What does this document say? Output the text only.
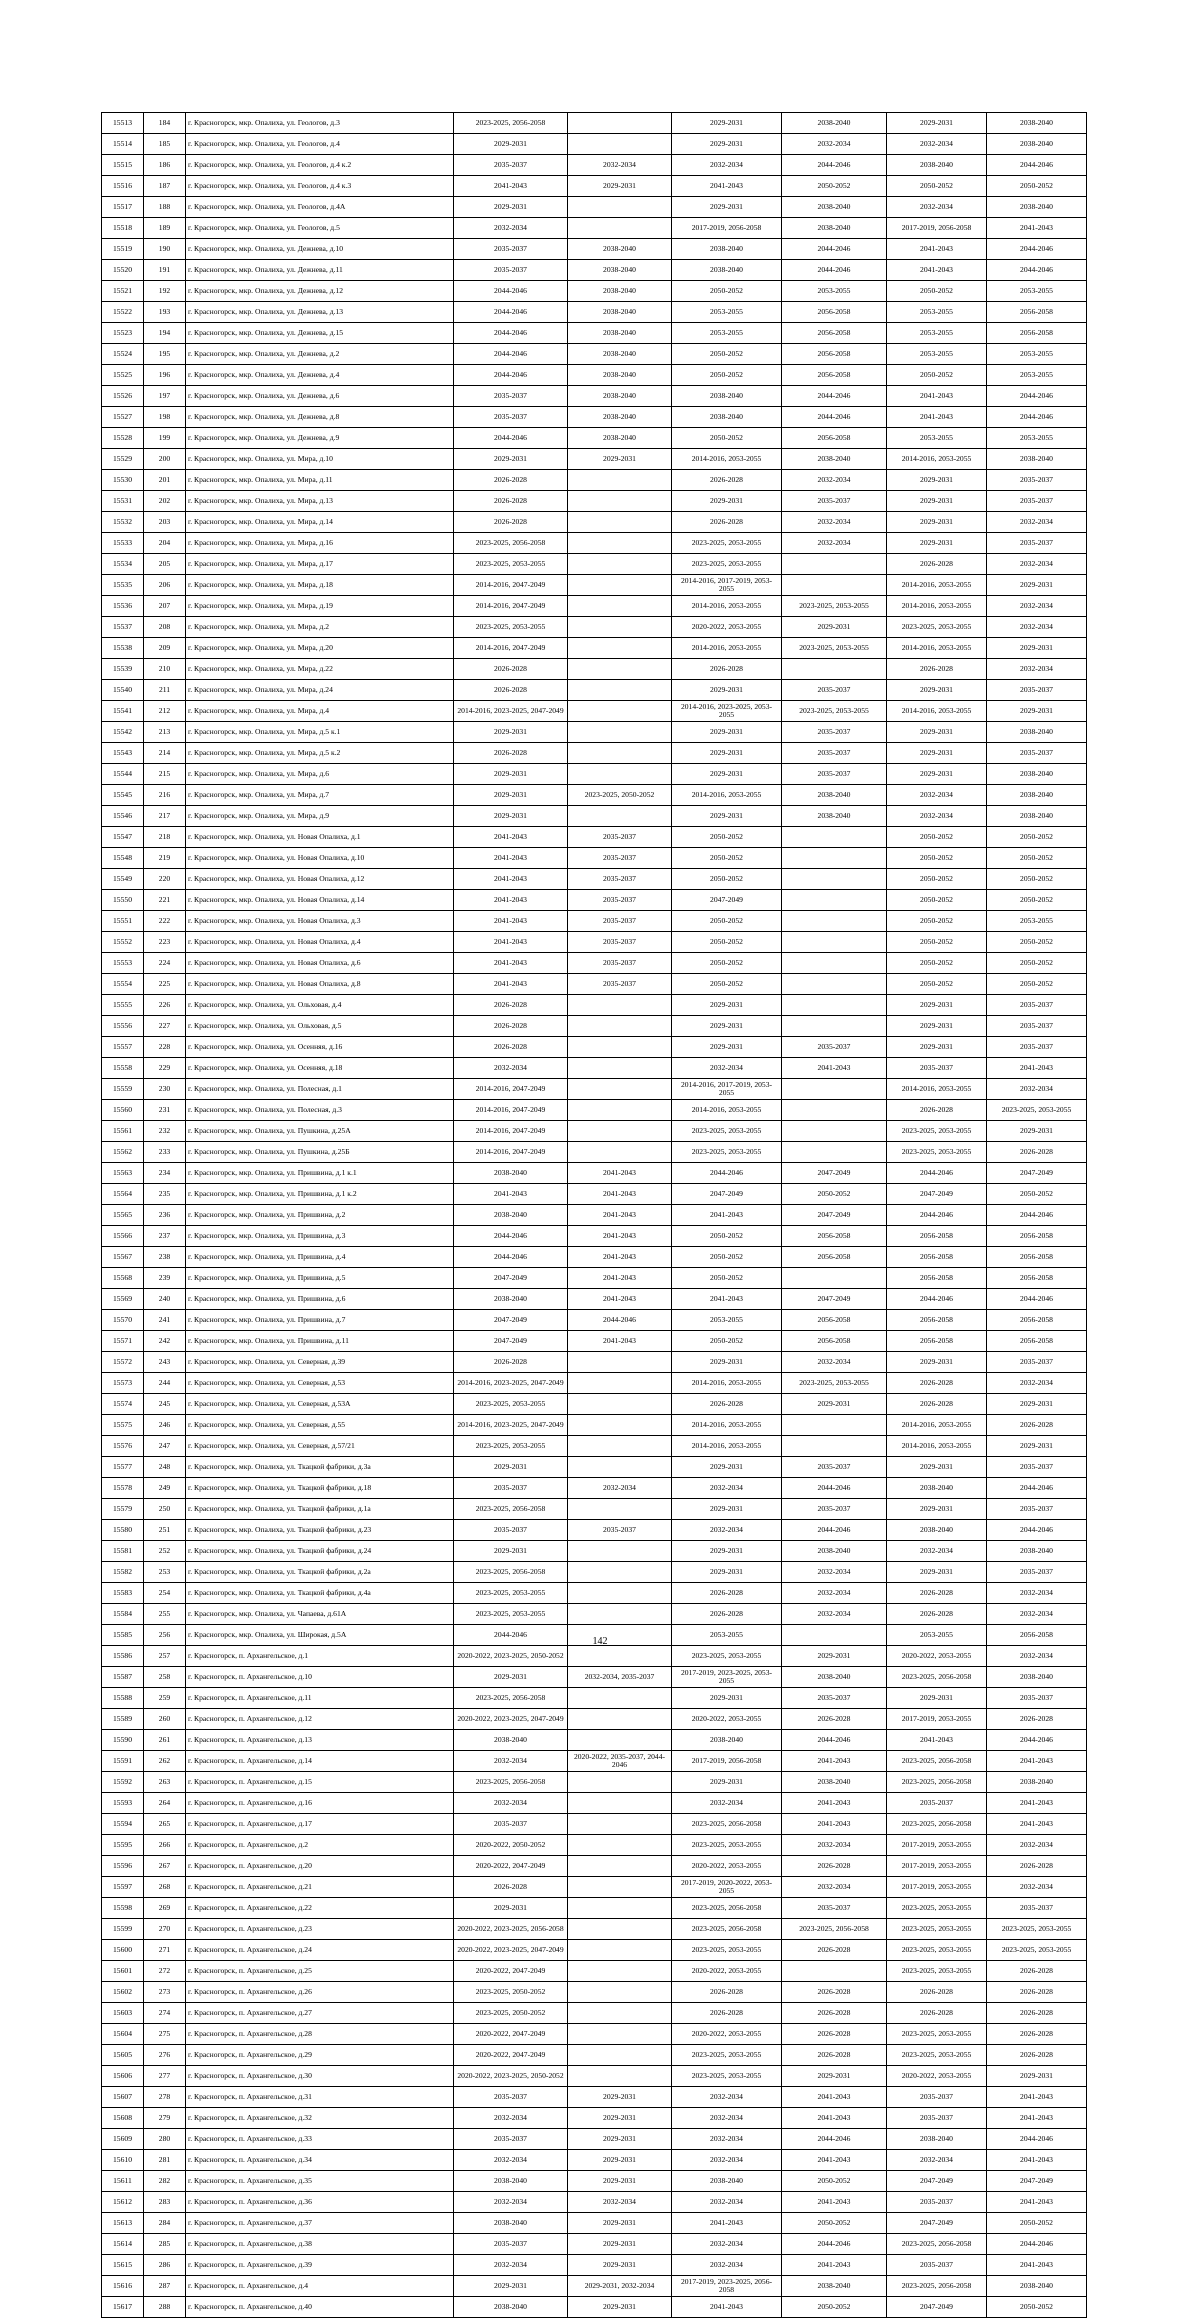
15513	184	г. Красногорск, мкр. Опалиха, ул. Геологов, д.3	2023-2025, 2056-2058		2029-2031	2038-2040	2029-2031	2038-2040
15514	185	г. Красногорск, мкр. Опалиха, ул. Геологов, д.4	2029-2031		2029-2031	2032-2034	2032-2034	2038-2040
15515	186	г. Красногорск, мкр. Опалиха, ул. Геологов, д.4 к.2	2035-2037	2032-2034	2032-2034	2044-2046	2038-2040	2044-2046
15516	187	г. Красногорск, мкр. Опалиха, ул. Геологов, д.4 к.3	2041-2043	2029-2031	2041-2043	2050-2052	2050-2052	2050-2052
15517	188	г. Красногорск, мкр. Опалиха, ул. Геологов, д.4А	2029-2031		2029-2031	2038-2040	2032-2034	2038-2040
15518	189	г. Красногорск, мкр. Опалиха, ул. Геологов, д.5	2032-2034		2017-2019, 2056-2058	2038-2040	2017-2019, 2056-2058	2041-2043
15519	190	г. Красногорск, мкр. Опалиха, ул. Дежнева, д.10	2035-2037	2038-2040	2038-2040	2044-2046	2041-2043	2044-2046
15520	191	г. Красногорск, мкр. Опалиха, ул. Дежнева, д.11	2035-2037	2038-2040	2038-2040	2044-2046	2041-2043	2044-2046
15521	192	г. Красногорск, мкр. Опалиха, ул. Дежнева, д.12	2044-2046	2038-2040	2050-2052	2053-2055	2050-2052	2053-2055
15522	193	г. Красногорск, мкр. Опалиха, ул. Дежнева, д.13	2044-2046	2038-2040	2053-2055	2056-2058	2053-2055	2056-2058
15523	194	г. Красногорск, мкр. Опалиха, ул. Дежнева, д.15	2044-2046	2038-2040	2053-2055	2056-2058	2053-2055	2056-2058
15524	195	г. Красногорск, мкр. Опалиха, ул. Дежнева, д.2	2044-2046	2038-2040	2050-2052	2056-2058	2053-2055	2053-2055
15525	196	г. Красногорск, мкр. Опалиха, ул. Дежнева, д.4	2044-2046	2038-2040	2050-2052	2056-2058	2050-2052	2053-2055
15526	197	г. Красногорск, мкр. Опалиха, ул. Дежнева, д.6	2035-2037	2038-2040	2038-2040	2044-2046	2041-2043	2044-2046
15527	198	г. Красногорск, мкр. Опалиха, ул. Дежнева, д.8	2035-2037	2038-2040	2038-2040	2044-2046	2041-2043	2044-2046
15528	199	г. Красногорск, мкр. Опалиха, ул. Дежнева, д.9	2044-2046	2038-2040	2050-2052	2056-2058	2053-2055	2053-2055
15529	200	г. Красногорск, мкр. Опалиха, ул. Мира, д.10	2029-2031	2029-2031	2014-2016, 2053-2055	2038-2040	2014-2016, 2053-2055	2038-2040
15530	201	г. Красногорск, мкр. Опалиха, ул. Мира, д.11	2026-2028		2026-2028	2032-2034	2029-2031	2035-2037
15531	202	г. Красногорск, мкр. Опалиха, ул. Мира, д.13	2026-2028		2029-2031	2035-2037	2029-2031	2035-2037
15532	203	г. Красногорск, мкр. Опалиха, ул. Мира, д.14	2026-2028		2026-2028	2032-2034	2029-2031	2032-2034
15533	204	г. Красногорск, мкр. Опалиха, ул. Мира, д.16	2023-2025, 2056-2058		2023-2025, 2053-2055	2032-2034	2029-2031	2035-2037
15534	205	г. Красногорск, мкр. Опалиха, ул. Мира, д.17	2023-2025, 2053-2055		2023-2025, 2053-2055		2026-2028	2032-2034
15535	206	г. Красногорск, мкр. Опалиха, ул. Мира, д.18	2014-2016, 2047-2049		2014-2016, 2017-2019, 2053-2055		2014-2016, 2053-2055	2029-2031
15536	207	г. Красногорск, мкр. Опалиха, ул. Мира, д.19	2014-2016, 2047-2049		2014-2016, 2053-2055	2023-2025, 2053-2055	2014-2016, 2053-2055	2032-2034
15537	208	г. Красногорск, мкр. Опалиха, ул. Мира, д.2	2023-2025, 2053-2055		2020-2022, 2053-2055	2029-2031	2023-2025, 2053-2055	2032-2034
15538	209	г. Красногорск, мкр. Опалиха, ул. Мира, д.20	2014-2016, 2047-2049		2014-2016, 2053-2055	2023-2025, 2053-2055	2014-2016, 2053-2055	2029-2031
15539	210	г. Красногорск, мкр. Опалиха, ул. Мира, д.22	2026-2028		2026-2028		2026-2028	2032-2034
15540	211	г. Красногорск, мкр. Опалиха, ул. Мира, д.24	2026-2028		2029-2031	2035-2037	2029-2031	2035-2037
15541	212	г. Красногорск, мкр. Опалиха, ул. Мира, д.4	2014-2016, 2023-2025, 2047-2049		2014-2016, 2023-2025, 2053-2055	2023-2025, 2053-2055	2014-2016, 2053-2055	2029-2031
15542	213	г. Красногорск, мкр. Опалиха, ул. Мира, д.5 к.1	2029-2031		2029-2031	2035-2037	2029-2031	2038-2040
15543	214	г. Красногорск, мкр. Опалиха, ул. Мира, д.5 к.2	2026-2028		2029-2031	2035-2037	2029-2031	2035-2037
15544	215	г. Красногорск, мкр. Опалиха, ул. Мира, д.6	2029-2031		2029-2031	2035-2037	2029-2031	2038-2040
15545	216	г. Красногорск, мкр. Опалиха, ул. Мира, д.7	2029-2031	2023-2025, 2050-2052	2014-2016, 2053-2055	2038-2040	2032-2034	2038-2040
15546	217	г. Красногорск, мкр. Опалиха, ул. Мира, д.9	2029-2031		2029-2031	2038-2040	2032-2034	2038-2040
15547	218	г. Красногорск, мкр. Опалиха, ул. Новая Опалиха, д.1	2041-2043	2035-2037	2050-2052		2050-2052	2050-2052
15548	219	г. Красногорск, мкр. Опалиха, ул. Новая Опалиха, д.10	2041-2043	2035-2037	2050-2052		2050-2052	2050-2052
15549	220	г. Красногорск, мкр. Опалиха, ул. Новая Опалиха, д.12	2041-2043	2035-2037	2050-2052		2050-2052	2050-2052
15550	221	г. Красногорск, мкр. Опалиха, ул. Новая Опалиха, д.14	2041-2043	2035-2037	2047-2049		2050-2052	2050-2052
15551	222	г. Красногорск, мкр. Опалиха, ул. Новая Опалиха, д.3	2041-2043	2035-2037	2050-2052		2050-2052	2053-2055
15552	223	г. Красногорск, мкр. Опалиха, ул. Новая Опалиха, д.4	2041-2043	2035-2037	2050-2052		2050-2052	2050-2052
15553	224	г. Красногорск, мкр. Опалиха, ул. Новая Опалиха, д.6	2041-2043	2035-2037	2050-2052		2050-2052	2050-2052
15554	225	г. Красногорск, мкр. Опалиха, ул. Новая Опалиха, д.8	2041-2043	2035-2037	2050-2052		2050-2052	2050-2052
15555	226	г. Красногорск, мкр. Опалиха, ул. Ольховая, д.4	2026-2028		2029-2031		2029-2031	2035-2037
15556	227	г. Красногорск, мкр. Опалиха, ул. Ольховая, д.5	2026-2028		2029-2031		2029-2031	2035-2037
15557	228	г. Красногорск, мкр. Опалиха, ул. Осенняя, д.16	2026-2028		2029-2031	2035-2037	2029-2031	2035-2037
15558	229	г. Красногорск, мкр. Опалиха, ул. Осенняя, д.18	2032-2034		2032-2034	2041-2043	2035-2037	2041-2043
15559	230	г. Красногорск, мкр. Опалиха, ул. Полесная, д.1	2014-2016, 2047-2049		2014-2016, 2017-2019, 2053-2055		2014-2016, 2053-2055	2032-2034
15560	231	г. Красногорск, мкр. Опалиха, ул. Полесная, д.3	2014-2016, 2047-2049		2014-2016, 2053-2055		2026-2028	2023-2025, 2053-2055
15561	232	г. Красногорск, мкр. Опалиха, ул. Пушкина, д.25А	2014-2016, 2047-2049		2023-2025, 2053-2055		2023-2025, 2053-2055	2029-2031
15562	233	г. Красногорск, мкр. Опалиха, ул. Пушкина, д.25Б	2014-2016, 2047-2049		2023-2025, 2053-2055		2023-2025, 2053-2055	2026-2028
15563	234	г. Красногорск, мкр. Опалиха, ул. Пришвина, д.1 к.1	2038-2040	2041-2043	2044-2046	2047-2049	2044-2046	2047-2049
15564	235	г. Красногорск, мкр. Опалиха, ул. Пришвина, д.1 к.2	2041-2043	2041-2043	2047-2049	2050-2052	2047-2049	2050-2052
15565	236	г. Красногорск, мкр. Опалиха, ул. Пришвина, д.2	2038-2040	2041-2043	2041-2043	2047-2049	2044-2046	2044-2046
15566	237	г. Красногорск, мкр. Опалиха, ул. Пришвина, д.3	2044-2046	2041-2043	2050-2052	2056-2058	2056-2058	2056-2058
15567	238	г. Красногорск, мкр. Опалиха, ул. Пришвина, д.4	2044-2046	2041-2043	2050-2052	2056-2058	2056-2058	2056-2058
15568	239	г. Красногорск, мкр. Опалиха, ул. Пришвина, д.5	2047-2049	2041-2043	2050-2052		2056-2058	2056-2058
15569	240	г. Красногорск, мкр. Опалиха, ул. Пришвина, д.6	2038-2040	2041-2043	2041-2043	2047-2049	2044-2046	2044-2046
15570	241	г. Красногорск, мкр. Опалиха, ул. Пришвина, д.7	2047-2049	2044-2046	2053-2055	2056-2058	2056-2058	2056-2058
15571	242	г. Красногорск, мкр. Опалиха, ул. Пришвина, д.11	2047-2049	2041-2043	2050-2052	2056-2058	2056-2058	2056-2058
15572	243	г. Красногорск, мкр. Опалиха, ул. Северная, д.39	2026-2028		2029-2031	2032-2034	2029-2031	2035-2037
15573	244	г. Красногорск, мкр. Опалиха, ул. Северная, д.53	2014-2016, 2023-2025, 2047-2049		2014-2016, 2053-2055	2023-2025, 2053-2055	2026-2028	2032-2034
15574	245	г. Красногорск, мкр. Опалиха, ул. Северная, д.53А	2023-2025, 2053-2055		2026-2028	2029-2031	2026-2028	2029-2031
15575	246	г. Красногорск, мкр. Опалиха, ул. Северная, д.55	2014-2016, 2023-2025, 2047-2049		2014-2016, 2053-2055		2014-2016, 2053-2055	2026-2028
15576	247	г. Красногорск, мкр. Опалиха, ул. Северная, д.57/21	2023-2025, 2053-2055		2014-2016, 2053-2055		2014-2016, 2053-2055	2029-2031
15577	248	г. Красногорск, мкр. Опалиха, ул. Ткацкой фабрики, д.3а	2029-2031		2029-2031	2035-2037	2029-2031	2035-2037
15578	249	г. Красногорск, мкр. Опалиха, ул. Ткацкой фабрики, д.18	2035-2037	2032-2034	2032-2034	2044-2046	2038-2040	2044-2046
15579	250	г. Красногорск, мкр. Опалиха, ул. Ткацкой фабрики, д.1а	2023-2025, 2056-2058		2029-2031	2035-2037	2029-2031	2035-2037
15580	251	г. Красногорск, мкр. Опалиха, ул. Ткацкой фабрики, д.23	2035-2037	2035-2037	2032-2034	2044-2046	2038-2040	2044-2046
15581	252	г. Красногорск, мкр. Опалиха, ул. Ткацкой фабрики, д.24	2029-2031		2029-2031	2038-2040	2032-2034	2038-2040
15582	253	г. Красногорск, мкр. Опалиха, ул. Ткацкой фабрики, д.2а	2023-2025, 2056-2058		2029-2031	2032-2034	2029-2031	2035-2037
15583	254	г. Красногорск, мкр. Опалиха, ул. Ткацкой фабрики, д.4а	2023-2025, 2053-2055		2026-2028	2032-2034	2026-2028	2032-2034
15584	255	г. Красногорск, мкр. Опалиха, ул. Чапаева, д.61А	2023-2025, 2053-2055		2026-2028	2032-2034	2026-2028	2032-2034
15585	256	г. Красногорск, мкр. Опалиха, ул. Широкая, д.5А	2044-2046		2053-2055		2053-2055	2056-2058
15586	257	г. Красногорск, п. Архангельское, д.1	2020-2022, 2023-2025, 2050-2052		2023-2025, 2053-2055	2029-2031	2020-2022, 2053-2055	2032-2034
15587	258	г. Красногорск, п. Архангельское, д.10	2029-2031	2032-2034, 2035-2037	2017-2019, 2023-2025, 2053-2055	2038-2040	2023-2025, 2056-2058	2038-2040
15588	259	г. Красногорск, п. Архангельское, д.11	2023-2025, 2056-2058		2029-2031	2035-2037	2029-2031	2035-2037
15589	260	г. Красногорск, п. Архангельское, д.12	2020-2022, 2023-2025, 2047-2049		2020-2022, 2053-2055	2026-2028	2017-2019, 2053-2055	2026-2028
15590	261	г. Красногорск, п. Архангельское, д.13	2038-2040		2038-2040	2044-2046	2041-2043	2044-2046
15591	262	г. Красногорск, п. Архангельское, д.14	2032-2034	2020-2022, 2035-2037, 2044-2046	2017-2019, 2056-2058	2041-2043	2023-2025, 2056-2058	2041-2043
15592	263	г. Красногорск, п. Архангельское, д.15	2023-2025, 2056-2058		2029-2031	2038-2040	2023-2025, 2056-2058	2038-2040
15593	264	г. Красногорск, п. Архангельское, д.16	2032-2034		2032-2034	2041-2043	2035-2037	2041-2043
15594	265	г. Красногорск, п. Архангельское, д.17	2035-2037		2023-2025, 2056-2058	2041-2043	2023-2025, 2056-2058	2041-2043
15595	266	г. Красногорск, п. Архангельское, д.2	2020-2022, 2050-2052		2023-2025, 2053-2055	2032-2034	2017-2019, 2053-2055	2032-2034
15596	267	г. Красногорск, п. Архангельское, д.20	2020-2022, 2047-2049		2020-2022, 2053-2055	2026-2028	2017-2019, 2053-2055	2026-2028
15597	268	г. Красногорск, п. Архангельское, д.21	2026-2028		2017-2019, 2020-2022, 2053-2055	2032-2034	2017-2019, 2053-2055	2032-2034
15598	269	г. Красногорск, п. Архангельское, д.22	2029-2031		2023-2025, 2056-2058	2035-2037	2023-2025, 2053-2055	2035-2037
15599	270	г. Красногорск, п. Архангельское, д.23	2020-2022, 2023-2025, 2056-2058		2023-2025, 2056-2058	2023-2025, 2056-2058	2023-2025, 2053-2055	2023-2025, 2053-2055
15600	271	г. Красногорск, п. Архангельское, д.24	2020-2022, 2023-2025, 2047-2049		2023-2025, 2053-2055	2026-2028	2023-2025, 2053-2055	2023-2025, 2053-2055
15601	272	г. Красногорск, п. Архангельское, д.25	2020-2022, 2047-2049		2020-2022, 2053-2055		2023-2025, 2053-2055	2026-2028
15602	273	г. Красногорск, п. Архангельское, д.26	2023-2025, 2050-2052		2026-2028	2026-2028	2026-2028	2026-2028
15603	274	г. Красногорск, п. Архангельское, д.27	2023-2025, 2050-2052		2026-2028	2026-2028	2026-2028	2026-2028
15604	275	г. Красногорск, п. Архангельское, д.28	2020-2022, 2047-2049		2020-2022, 2053-2055	2026-2028	2023-2025, 2053-2055	2026-2028
15605	276	г. Красногорск, п. Архангельское, д.29	2020-2022, 2047-2049		2023-2025, 2053-2055	2026-2028	2023-2025, 2053-2055	2026-2028
15606	277	г. Красногорск, п. Архангельское, д.30	2020-2022, 2023-2025, 2050-2052		2023-2025, 2053-2055	2029-2031	2020-2022, 2053-2055	2029-2031
15607	278	г. Красногорск, п. Архангельское, д.31	2035-2037	2029-2031	2032-2034	2041-2043	2035-2037	2041-2043
15608	279	г. Красногорск, п. Архангельское, д.32	2032-2034	2029-2031	2032-2034	2041-2043	2035-2037	2041-2043
15609	280	г. Красногорск, п. Архангельское, д.33	2035-2037	2029-2031	2032-2034	2044-2046	2038-2040	2044-2046
15610	281	г. Красногорск, п. Архангельское, д.34	2032-2034	2029-2031	2032-2034	2041-2043	2032-2034	2041-2043
15611	282	г. Красногорск, п. Архангельское, д.35	2038-2040	2029-2031	2038-2040	2050-2052	2047-2049	2047-2049
15612	283	г. Красногорск, п. Архангельское, д.36	2032-2034	2032-2034	2032-2034	2041-2043	2035-2037	2041-2043
15613	284	г. Красногорск, п. Архангельское, д.37	2038-2040	2029-2031	2041-2043	2050-2052	2047-2049	2050-2052
15614	285	г. Красногорск, п. Архангельское, д.38	2035-2037	2029-2031	2032-2034	2044-2046	2023-2025, 2056-2058	2044-2046
15615	286	г. Красногорск, п. Архангельское, д.39	2032-2034	2029-2031	2032-2034	2041-2043	2035-2037	2041-2043
15616	287	г. Красногорск, п. Архангельское, д.4	2029-2031	2029-2031, 2032-2034	2017-2019, 2023-2025, 2056-2058	2038-2040	2023-2025, 2056-2058	2038-2040
15617	288	г. Красногорск, п. Архангельское, д.40	2038-2040	2029-2031	2041-2043	2050-2052	2047-2049	2050-2052
142
